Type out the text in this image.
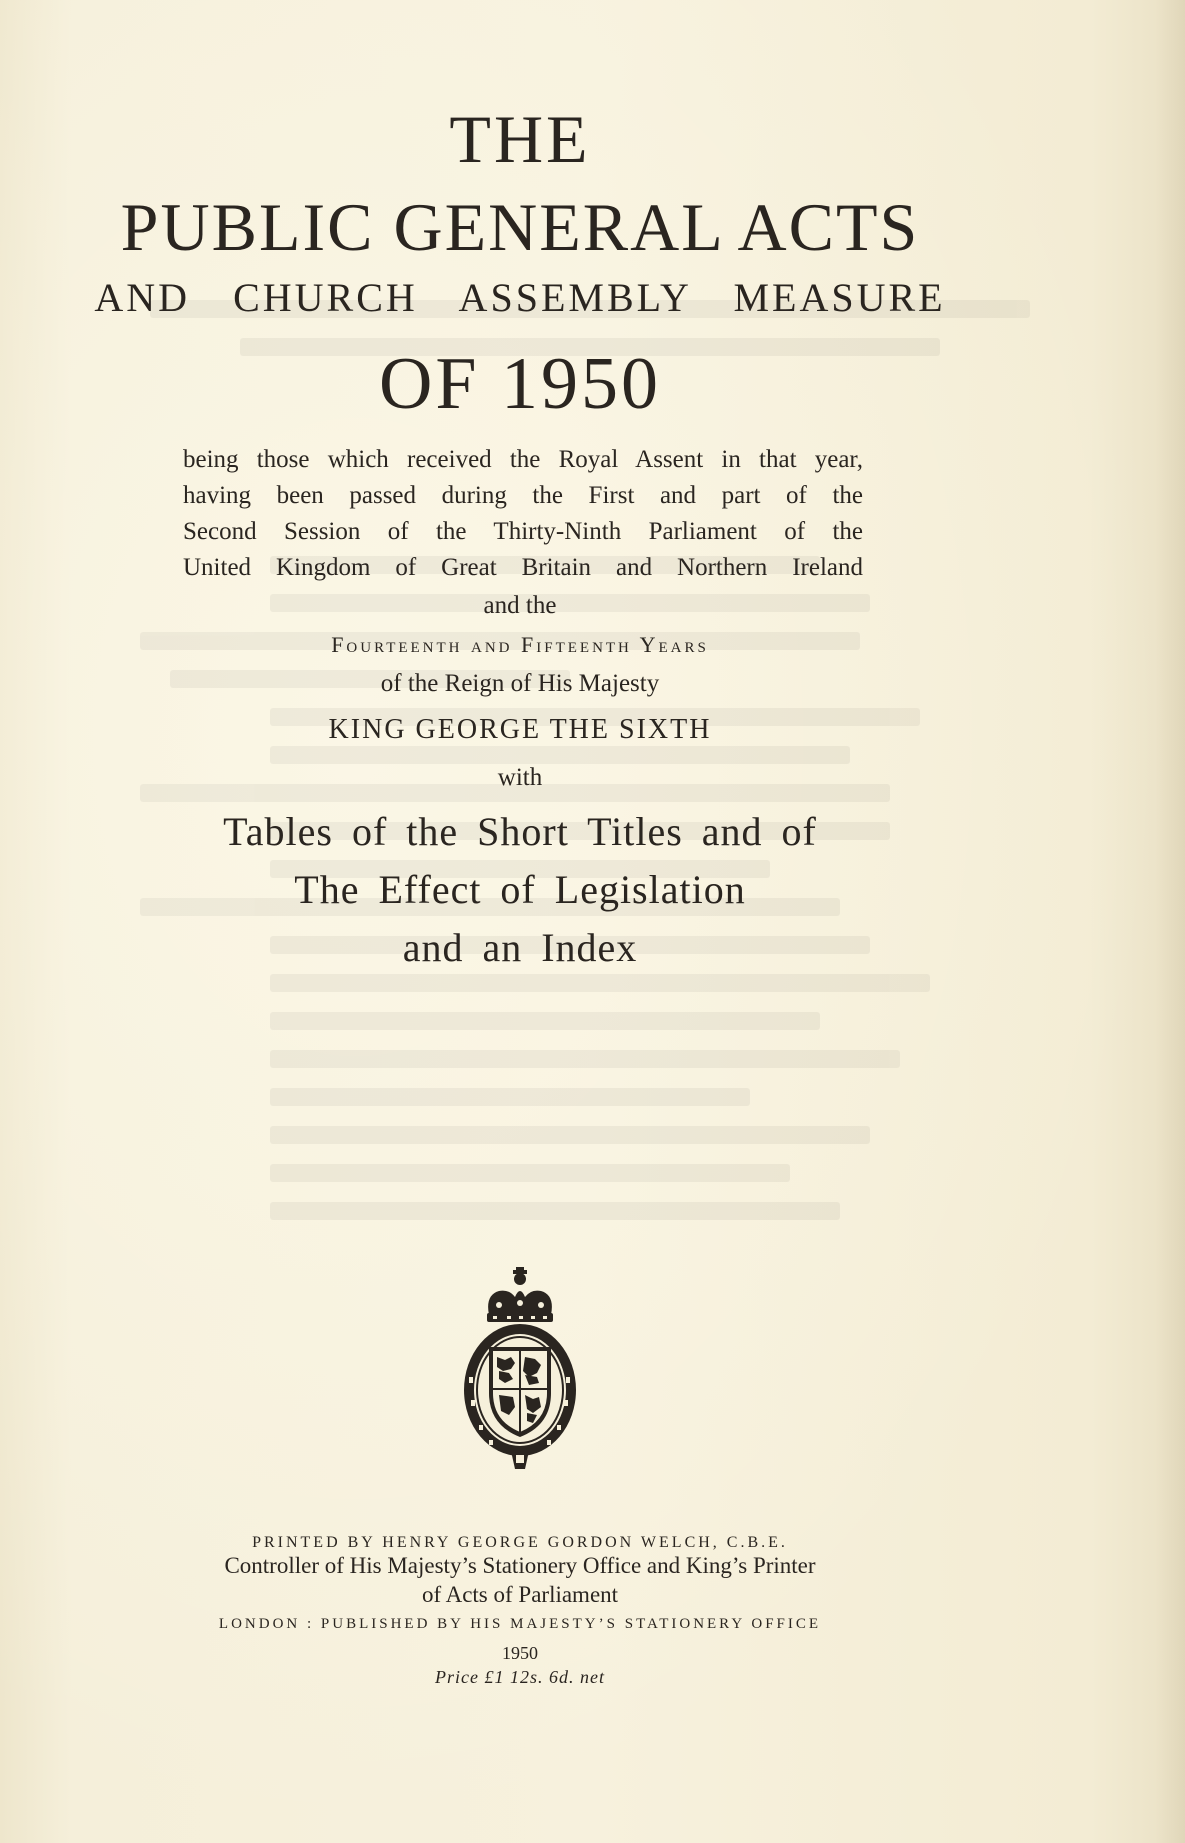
THE
PUBLIC GENERAL ACTS
AND CHURCH ASSEMBLY MEASURE
OF 1950
being those which received the Royal Assent in that year,
having been passed during the First and part of the
Second Session of the Thirty-Ninth Parliament of the
United Kingdom of Great Britain and Northern Ireland
and the
Fourteenth and Fifteenth Years
of the Reign of His Majesty
KING GEORGE THE SIXTH
with
Tables of the Short Titles and of
The Effect of Legislation
and an Index
PRINTED BY HENRY GEORGE GORDON WELCH, C.B.E.
Controller of His Majesty’s Stationery Office and King’s Printer
of Acts of Parliament
LONDON : PUBLISHED BY HIS MAJESTY’S STATIONERY OFFICE
1950
Price £1 12s. 6d. net
